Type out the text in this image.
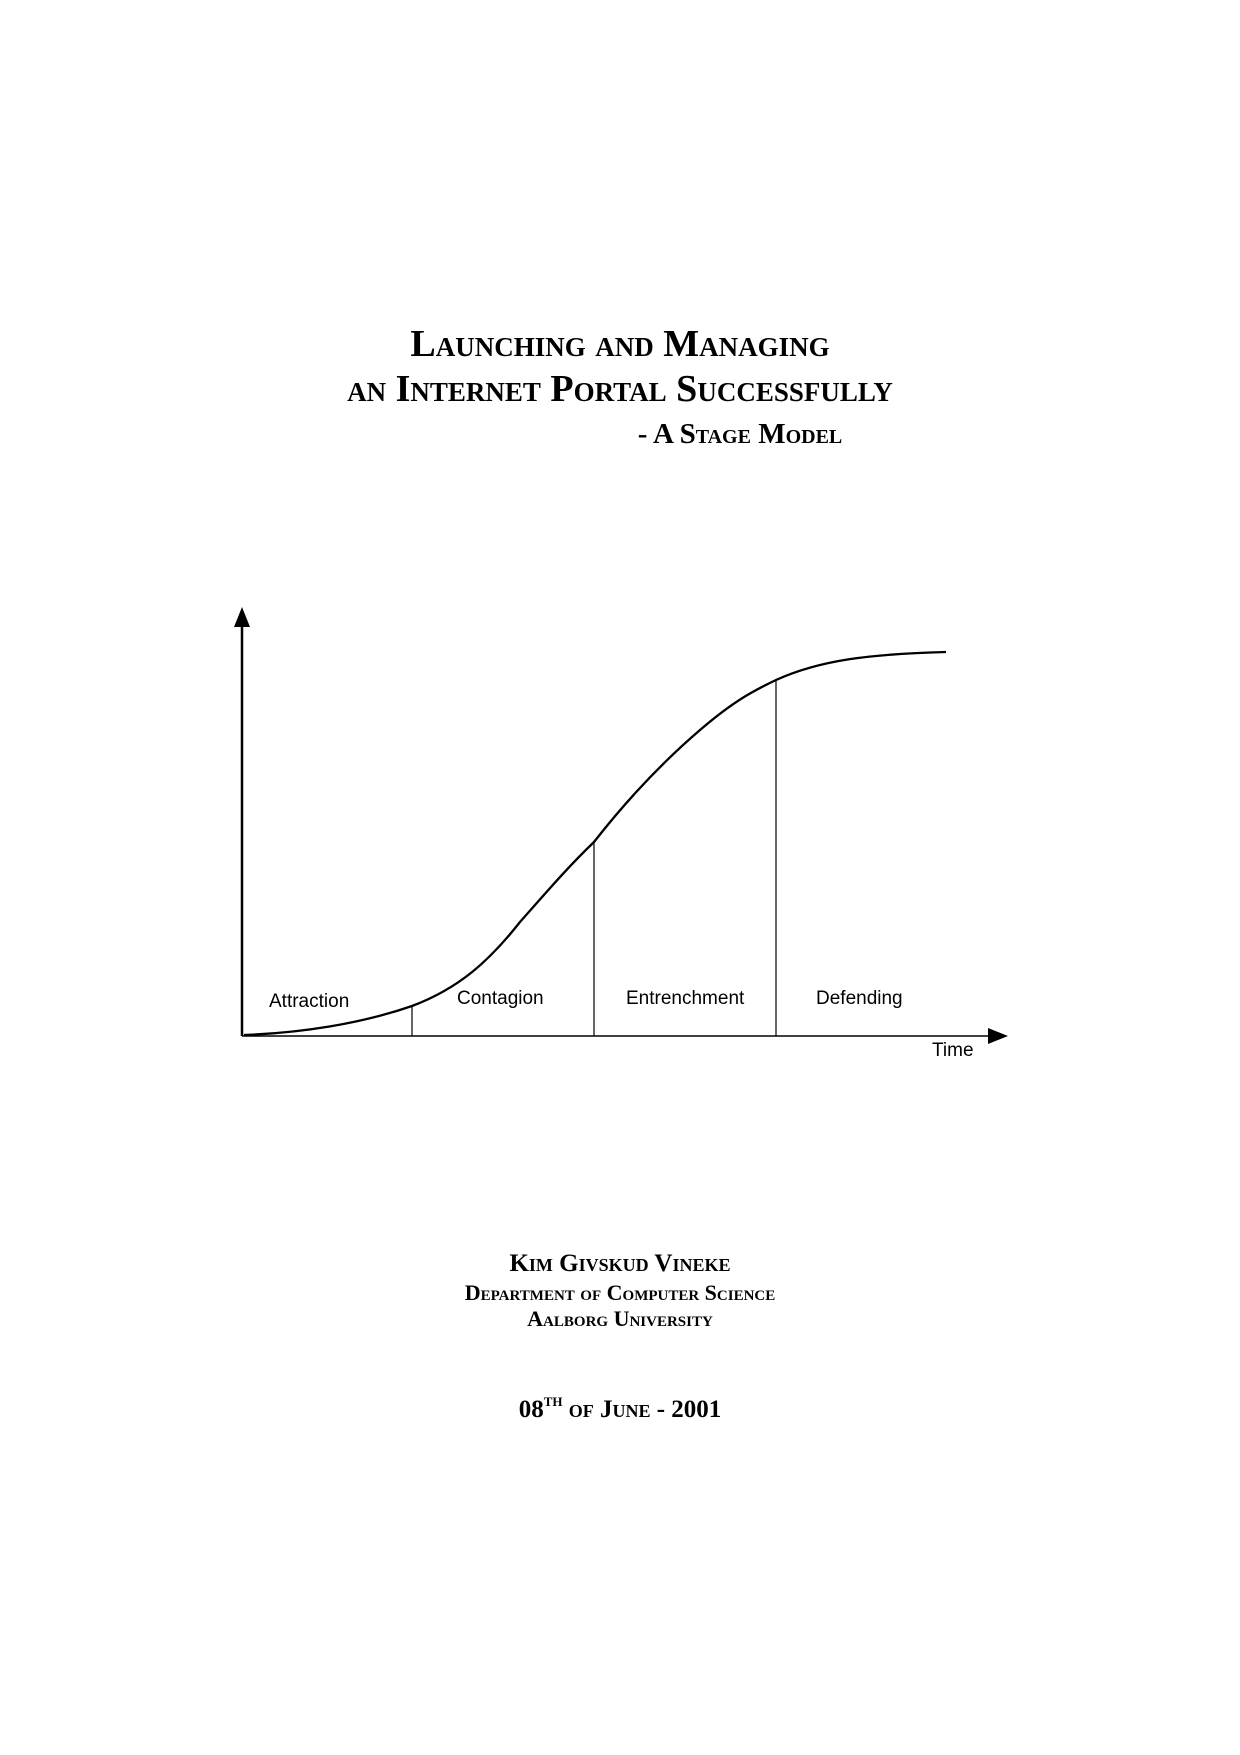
Launching and Managing
an Internet Portal Successfully
- A Stage Model
Attraction	Contagion	Entrenchment	Defending
Time
Kim Givskud Vineke
Department of Computer Science
Aalborg University
08TH of June - 2001
